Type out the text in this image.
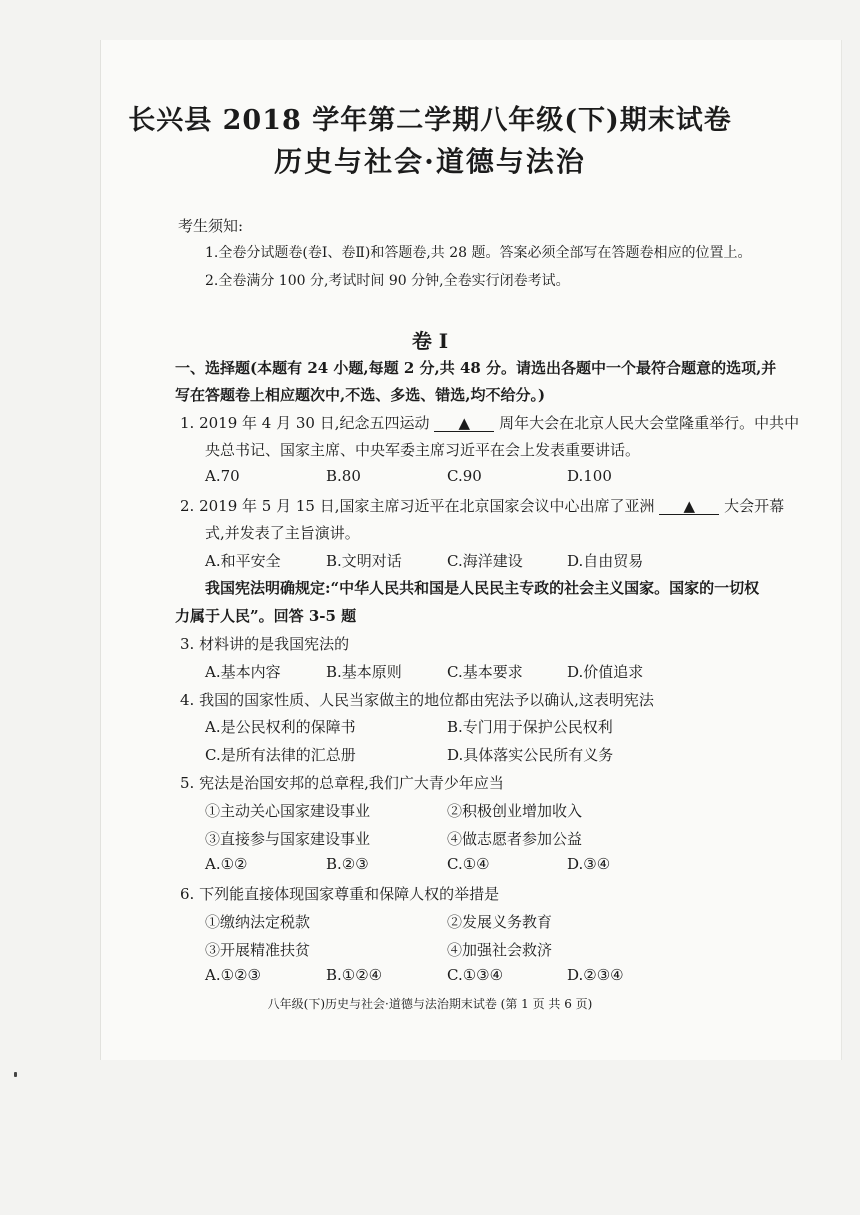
长兴县 2018 学年第二学期八年级(下)期末试卷
历史与社会·道德与法治
考生须知:
1.全卷分试题卷(卷Ⅰ、卷Ⅱ)和答题卷,共 28 题。答案必须全部写在答题卷相应的位置上。
2.全卷满分 100 分,考试时间 90 分钟,全卷实行闭卷考试。
卷 I
一、选择题(本题有 24 小题,每题 2 分,共 48 分。请选出各题中一个最符合题意的选项,并
写在答题卷上相应题次中,不选、多选、错选,均不给分。)
1. 2019 年 4 月 30 日,纪念五四运动 ▲ 周年大会在北京人民大会堂隆重举行。中共中
央总书记、国家主席、中央军委主席习近平在会上发表重要讲话。
A.70	B.80	C.90	D.100
2. 2019 年 5 月 15 日,国家主席习近平在北京国家会议中心出席了亚洲 ▲ 大会开幕
式,并发表了主旨演讲。
A.和平安全	B.文明对话	C.海洋建设	D.自由贸易
我国宪法明确规定:“中华人民共和国是人民民主专政的社会主义国家。国家的一切权
力属于人民”。回答 3-5 题
3. 材料讲的是我国宪法的
A.基本内容	B.基本原则	C.基本要求	D.价值追求
4. 我国的国家性质、人民当家做主的地位都由宪法予以确认,这表明宪法
A.是公民权利的保障书	B.专门用于保护公民权利
C.是所有法律的汇总册	D.具体落实公民所有义务
5. 宪法是治国安邦的总章程,我们广大青少年应当
①主动关心国家建设事业	②积极创业增加收入
③直接参与国家建设事业	④做志愿者参加公益
A.①②	B.②③	C.①④	D.③④
6. 下列能直接体现国家尊重和保障人权的举措是
①缴纳法定税款	②发展义务教育
③开展精准扶贫	④加强社会救济
A.①②③	B.①②④	C.①③④	D.②③④
八年级(下)历史与社会·道德与法治期末试卷 (第 1 页 共 6 页)
